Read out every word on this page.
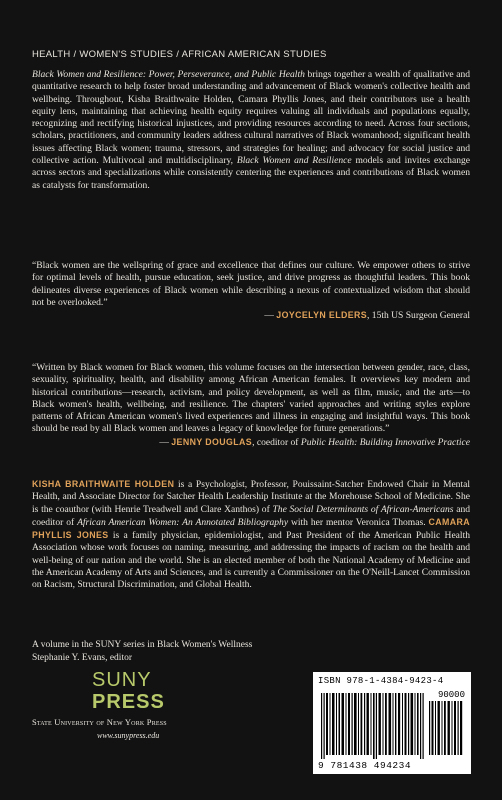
HEALTH / WOMEN'S STUDIES / AFRICAN AMERICAN STUDIES
Black Women and Resilience: Power, Perseverance, and Public Health brings together a wealth of qualitative and quantitative research to help foster broad understanding and advancement of Black women's collective health and wellbeing. Throughout, Kisha Braithwaite Holden, Camara Phyllis Jones, and their contributors use a health equity lens, maintaining that achieving health equity requires valuing all individuals and populations equally, recognizing and rectifying historical injustices, and providing resources according to need. Across four sections, scholars, practitioners, and community leaders address cultural narratives of Black womanhood; significant health issues affecting Black women; trauma, stressors, and strategies for healing; and advocacy for social justice and collective action. Multivocal and multidisciplinary, Black Women and Resilience models and invites exchange across sectors and specializations while consistently centering the experiences and contributions of Black women as catalysts for transformation.
“Black women are the wellspring of grace and excellence that defines our culture. We empower others to strive for optimal levels of health, pursue education, seek justice, and drive progress as thoughtful leaders. This book delineates diverse experiences of Black women while describing a nexus of contextualized wisdom that should not be overlooked.”
— JOYCELYN ELDERS, 15th US Surgeon General
“Written by Black women for Black women, this volume focuses on the intersection between gender, race, class, sexuality, spirituality, health, and disability among African American females. It overviews key modern and historical contributions—research, activism, and policy development, as well as film, music, and the arts—to Black women's health, wellbeing, and resilience. The chapters' varied approaches and writing styles explore patterns of African American women's lived experiences and illness in engaging and insightful ways. This book should be read by all Black women and leaves a legacy of knowledge for future generations.”
— JENNY DOUGLAS, coeditor of Public Health: Building Innovative Practice
KISHA BRAITHWAITE HOLDEN is a Psychologist, Professor, Pouissaint-Satcher Endowed Chair in Mental Health, and Associate Director for Satcher Health Leadership Institute at the Morehouse School of Medicine. She is the coauthor (with Henrie Treadwell and Clare Xanthos) of The Social Determinants of African-Americans and coeditor of African American Women: An Annotated Bibliography with her mentor Veronica Thomas. CAMARA PHYLLIS JONES is a family physician, epidemiologist, and Past President of the American Public Health Association whose work focuses on naming, measuring, and addressing the impacts of racism on the health and well-being of our nation and the world. She is an elected member of both the National Academy of Medicine and the American Academy of Arts and Sciences, and is currently a Commissioner on the O'Neill-Lancet Commission on Racism, Structural Discrimination, and Global Health.
A volume in the SUNY series in Black Women's Wellness
Stephanie Y. Evans, editor
SUNY
PRESS
State University of New York Press
www.sunypress.edu
ISBN 978-1-4384-9423-4
90000
9 781438 494234
